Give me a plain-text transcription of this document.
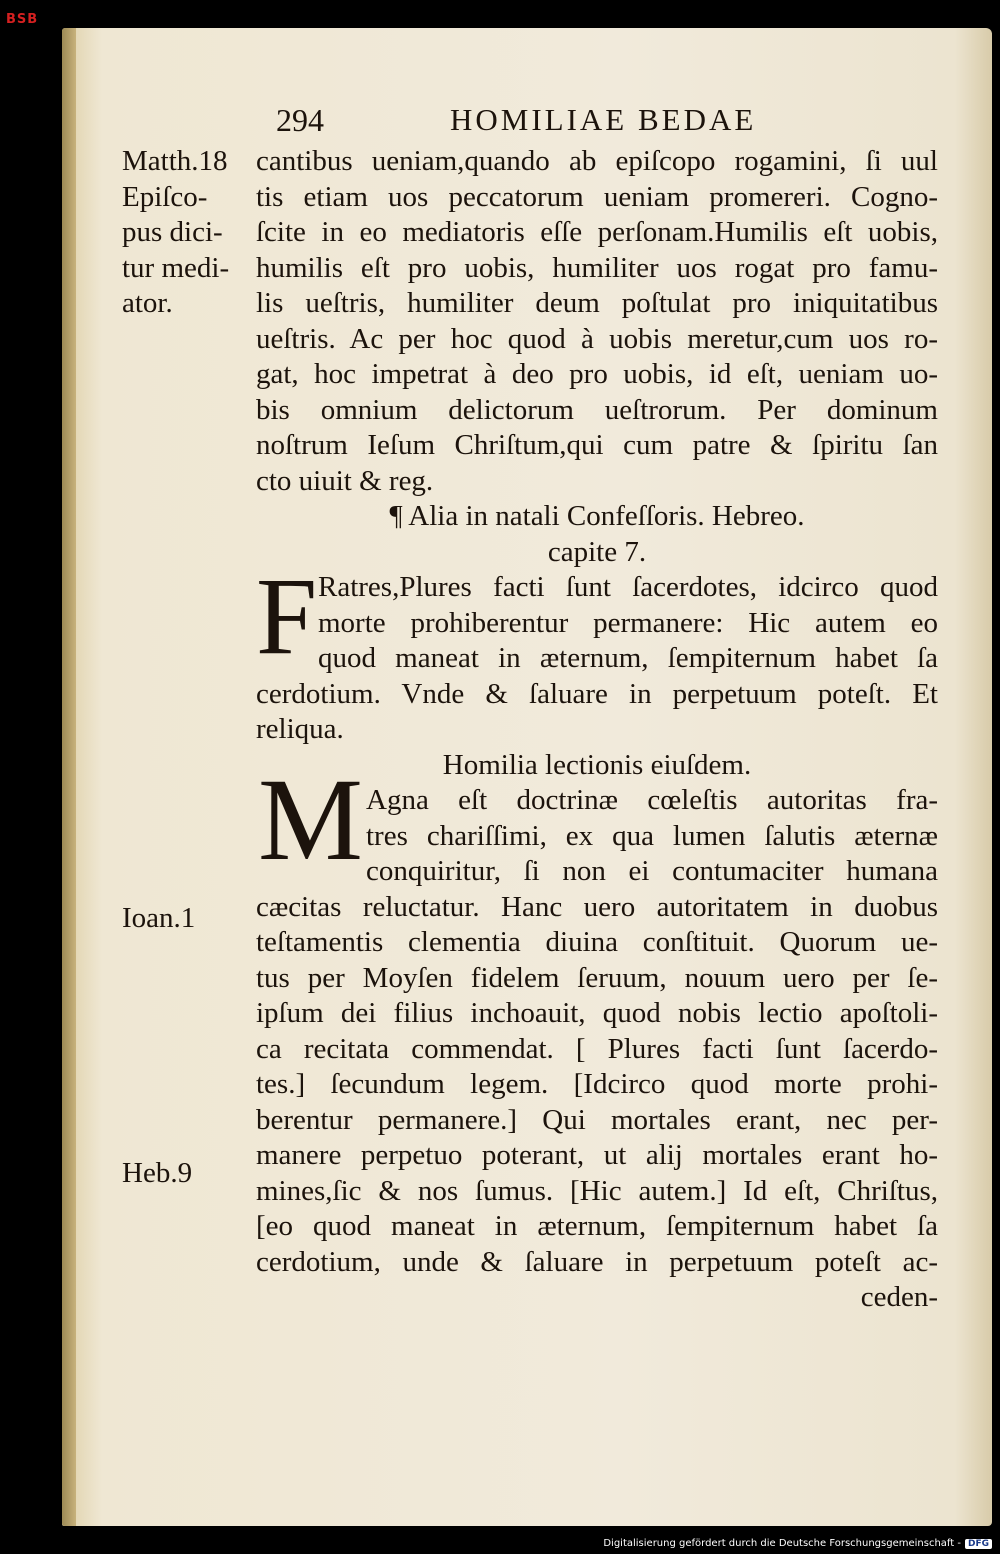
BSB
294	HOMILIAE BEDAE
Matth.18
Epiſco-
pus dici-
tur medi-
ator.
Ioan.1
Heb.9
cantibus ueniam,quando ab epiſcopo rogamini, ſi uul
tis etiam uos peccatorum ueniam promereri. Cogno-
ſcite in eo mediatoris eſſe perſonam.Humilis eſt uobis,
humilis eſt pro uobis, humiliter uos rogat pro famu-
lis ueſtris, humiliter deum poſtulat pro iniquitatibus
ueſtris. Ac per hoc quod à uobis meretur,cum uos ro-
gat, hoc impetrat à deo pro uobis, id eſt, ueniam uo-
bis omnium delictorum ueſtrorum. Per dominum
noſtrum Ieſum Chriſtum,qui cum patre & ſpiritu ſan
cto uiuit & reg.
¶ Alia in natali Confeſſoris. Hebreo.
capite 7.
Ratres,Plures facti ſunt ſacerdotes, idcirco quod
morte prohiberentur permanere: Hic autem eo
quod maneat in æternum, ſempiternum habet ſa
cerdotium. Vnde & ſaluare in perpetuum poteſt. Et
reliqua.
Homilia lectionis eiuſdem.
Agna eſt doctrinæ cœleſtis autoritas fra-
tres chariſſimi, ex qua lumen ſalutis æternæ
conquiritur, ſi non ei contumaciter humana
cæcitas reluctatur. Hanc uero autoritatem in duobus
teſtamentis clementia diuina conſtituit. Quorum ue-
tus per Moyſen fidelem ſeruum, nouum uero per ſe-
ipſum dei filius inchoauit, quod nobis lectio apoſtoli-
ca recitata commendat. [ Plures facti ſunt ſacerdo-
tes.] ſecundum legem. [Idcirco quod morte prohi-
berentur permanere.] Qui mortales erant, nec per-
manere perpetuo poterant, ut alij mortales erant ho-
mines,ſic & nos ſumus. [Hic autem.] Id eſt, Chriſtus,
[eo quod maneat in æternum, ſempiternum habet ſa
cerdotium, unde & ſaluare in perpetuum poteſt ac-
ceden-
F
M
Digitalisierung gefördert durch die Deutsche Forschungsgemeinschaft - DFG
